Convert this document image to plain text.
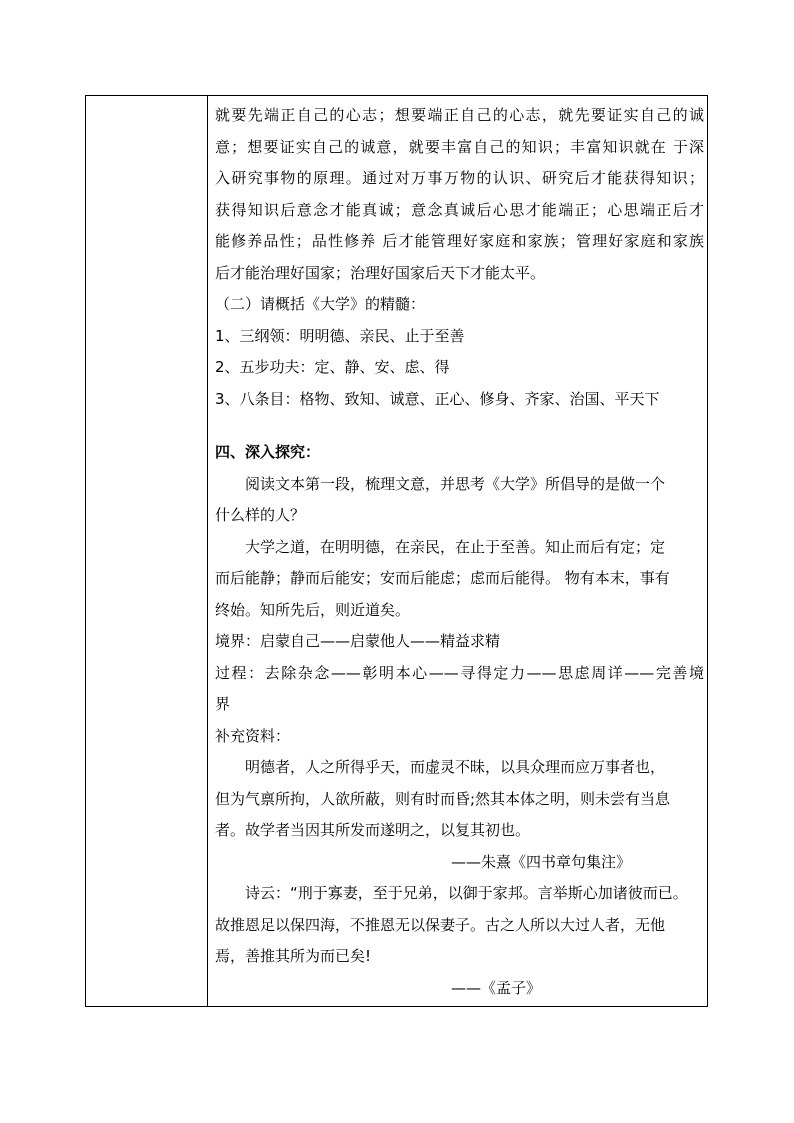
就要先端正自己的心志；想要端正自己的心志，就先要证实自己的诚

意；想要证实自己的诚意，就要丰富自己的知识；丰富知识就在 于深

入研究事物的原理。通过对万事万物的认识、研究后才能获得知识；

获得知识后意念才能真诚；意念真诚后心思才能端正；心思端正后才

能修养品性；品性修养 后才能管理好家庭和家族；管理好家庭和家族

后才能治理好国家；治理好国家后天下才能太平。

（二）请概括《大学》的精髓：

1、三纲领：明明德、亲民、止于至善

2、五步功夫：定、静、安、虑、得

3、八条目：格物、致知、诚意、正心、修身、齐家、治国、平天下

四、深入探究：

阅读文本第一段，梳理文意，并思考《大学》所倡导的是做一个

什么样的人？

大学之道，在明明德，在亲民，在止于至善。知止而后有定；定

而后能静；静而后能安；安而后能虑；虑而后能得。 物有本末，事有

终始。知所先后，则近道矣。

境界：启蒙自己——启蒙他人——精益求精

过程：去除杂念——彰明本心——寻得定力——思虑周详——完善境

界

补充资料：

明德者，人之所得乎天，而虚灵不昧，以具众理而应万事者也，

但为气禀所拘，人欲所蔽，则有时而昏;然其本体之明，则未尝有当息

者。故学者当因其所发而遂明之，以复其初也。

——朱熹《四书章句集注》

诗云：“刑于寡妻，至于兄弟，以御于家邦。言举斯心加诸彼而已。

故推恩足以保四海，不推恩无以保妻子。古之人所以大过人者，无他

焉，善推其所为而已矣!

——《孟子》
